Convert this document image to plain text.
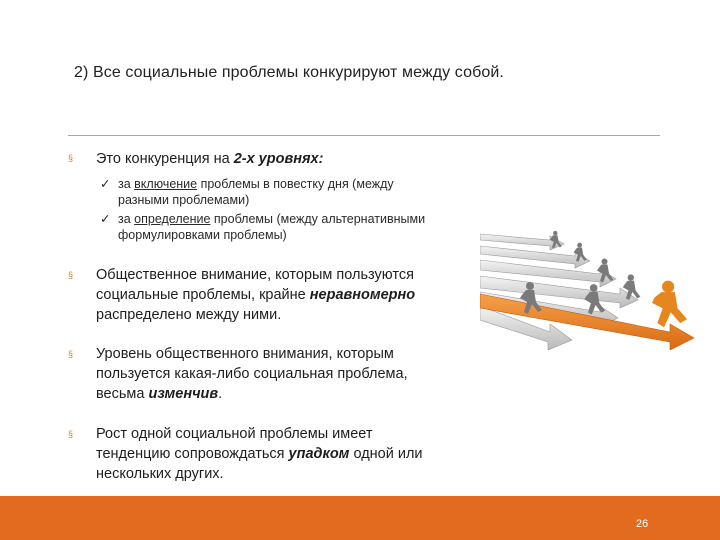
2) Все социальные проблемы конкурируют между собой.
§	Это конкуренция на 2-х уровнях:
✓ за включение проблемы в повестку дня (между
разными проблемами)
✓ за определение проблемы (между альтернативными
формулировками проблемы)
§	Общественное внимание, которым пользуются
социальные проблемы, крайне неравномерно
распределено между ними.
§	Уровень общественного внимания, которым
пользуется какая-либо социальная проблема,
весьма изменчив.
§	Рост одной социальной проблемы имеет
тенденцию сопровождаться упадком одной или
нескольких других.
26
